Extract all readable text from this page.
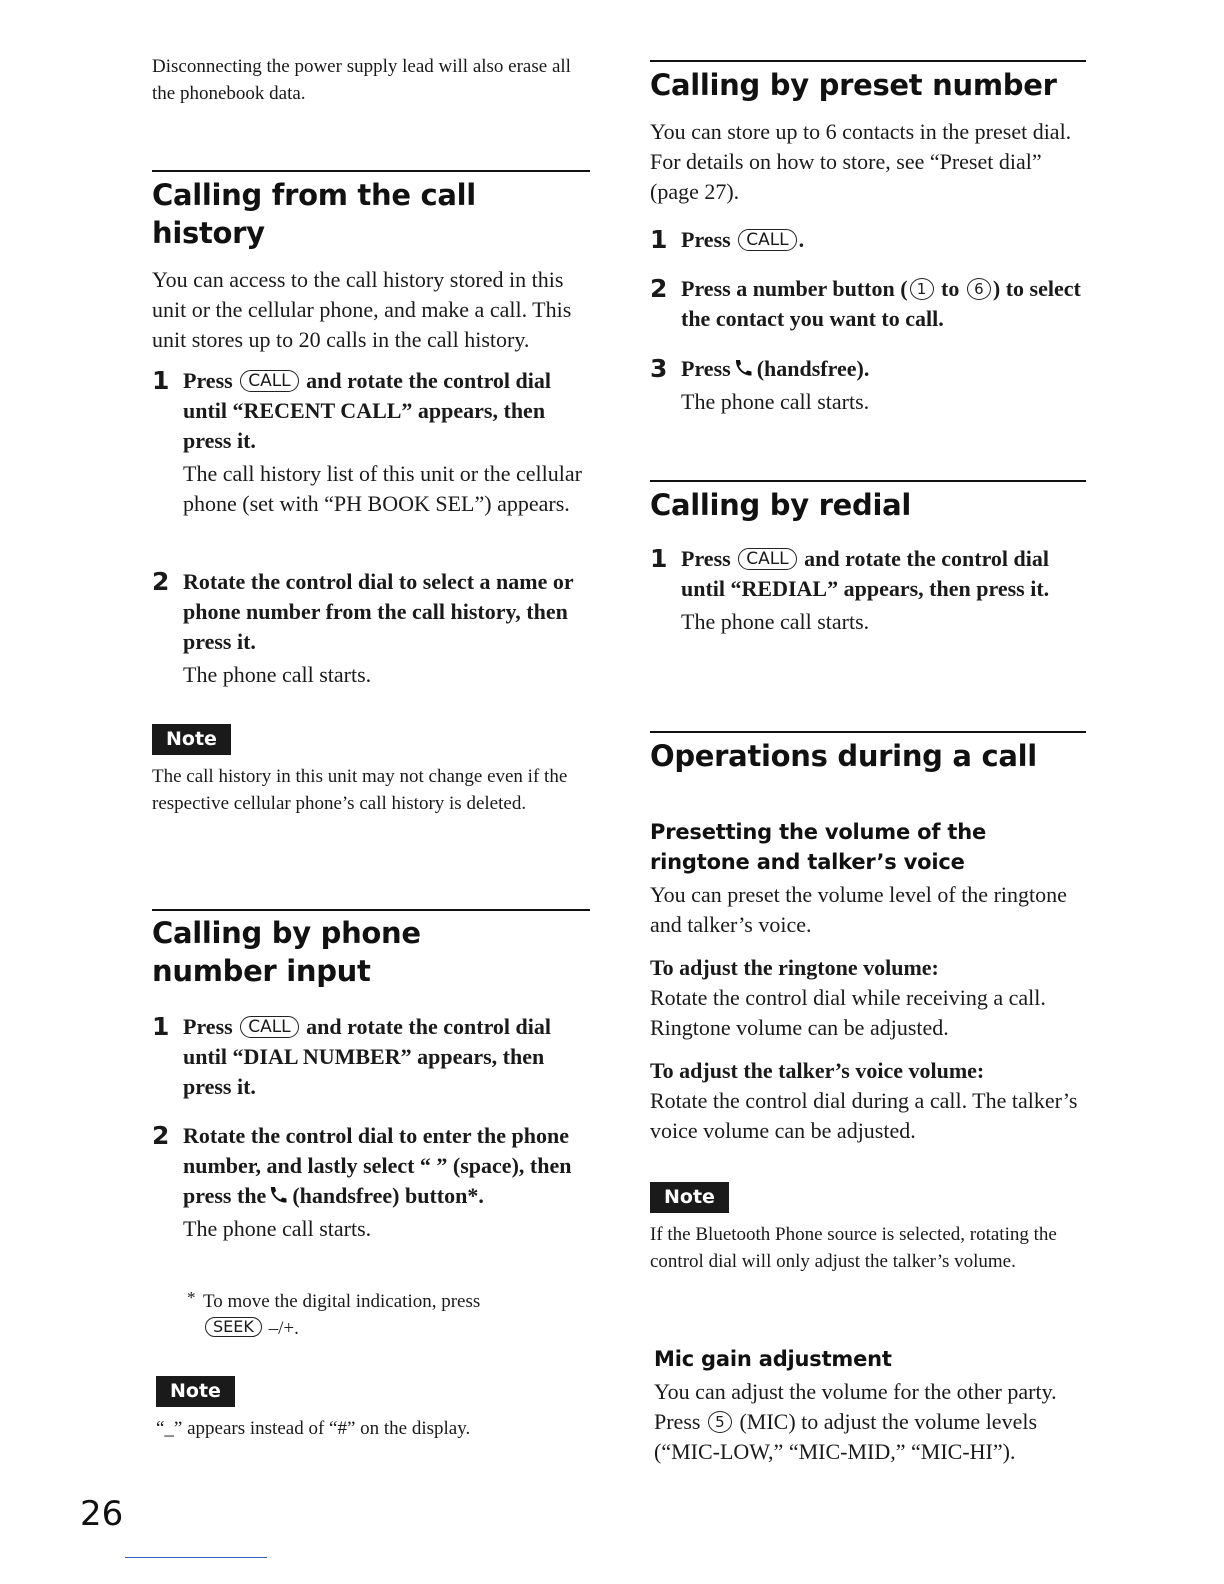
Disconnecting the power supply lead will also erase all the phonebook data.
Calling from the call history
You can access to the call history stored in this unit or the cellular phone, and make a call. This unit stores up to 20 calls in the call history.
1 Press CALL and rotate the control dial until “RECENT CALL” appears, then press it.
The call history list of this unit or the cellular phone (set with “PH BOOK SEL”) appears.
2 Rotate the control dial to select a name or phone number from the call history, then press it.
The phone call starts.
Note
The call history in this unit may not change even if the respective cellular phone’s call history is deleted.
Calling by phone number input
1 Press CALL and rotate the control dial until “DIAL NUMBER” appears, then press it.
2 Rotate the control dial to enter the phone number, and lastly select “ ” (space), then press the (handsfree) button*.
The phone call starts.
* To move the digital indication, press
SEEK –/+.
Note
“_” appears instead of “#” on the display.
Calling by preset number
You can store up to 6 contacts in the preset dial. For details on how to store, see “Preset dial” (page 27).
1 Press CALL .
2 Press a number button ( 1 to 6 ) to select the contact you want to call.
3 Press (handsfree).
The phone call starts.
Calling by redial
1 Press CALL and rotate the control dial until “REDIAL” appears, then press it.
The phone call starts.
Operations during a call
Presetting the volume of the ringtone and talker’s voice
You can preset the volume level of the ringtone and talker’s voice.
To adjust the ringtone volume:
Rotate the control dial while receiving a call. Ringtone volume can be adjusted.
To adjust the talker’s voice volume:
Rotate the control dial during a call. The talker’s voice volume can be adjusted.
Note
If the Bluetooth Phone source is selected, rotating the control dial will only adjust the talker’s volume.
Mic gain adjustment
You can adjust the volume for the other party. Press 5 (MIC) to adjust the volume levels (“MIC-LOW,” “MIC-MID,” “MIC-HI”).
26
